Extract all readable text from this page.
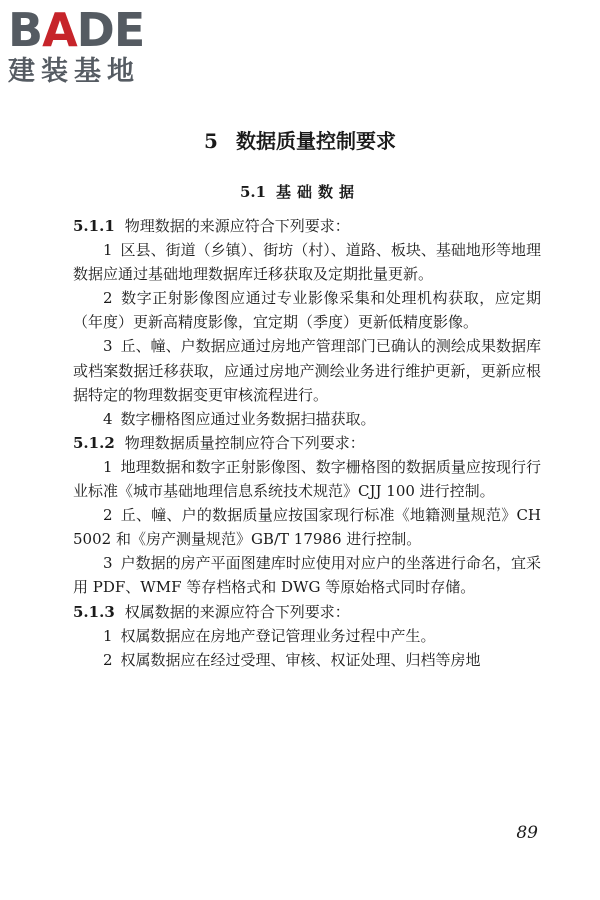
BADE
建装基地
5 数据质量控制要求
5.1 基础数据

5.1.1 物理数据的来源应符合下列要求：

1 区县、街道（乡镇）、街坊（村）、道路、板块、基础地形等地理数据应通过基础地理数据库迁移获取及定期批量更新。

2 数字正射影像图应通过专业影像采集和处理机构获取，应定期（年度）更新高精度影像，宜定期（季度）更新低精度影像。

3 丘、幢、户数据应通过房地产管理部门已确认的测绘成果数据库或档案数据迁移获取，应通过房地产测绘业务进行维护更新，更新应根据特定的物理数据变更审核流程进行。

4 数字栅格图应通过业务数据扫描获取。

5.1.2 物理数据质量控制应符合下列要求：

1 地理数据和数字正射影像图、数字栅格图的数据质量应按现行行业标准《城市基础地理信息系统技术规范》CJJ 100 进行控制。

2 丘、幢、户的数据质量应按国家现行标准《地籍测量规范》CH 5002 和《房产测量规范》GB/T 17986 进行控制。

3 户数据的房产平面图建库时应使用对应户的坐落进行命名，宜采用 PDF、WMF 等存档格式和 DWG 等原始格式同时存储。

5.1.3 权属数据的来源应符合下列要求：

1 权属数据应在房地产登记管理业务过程中产生。

2 权属数据应在经过受理、审核、权证处理、归档等房地

89
